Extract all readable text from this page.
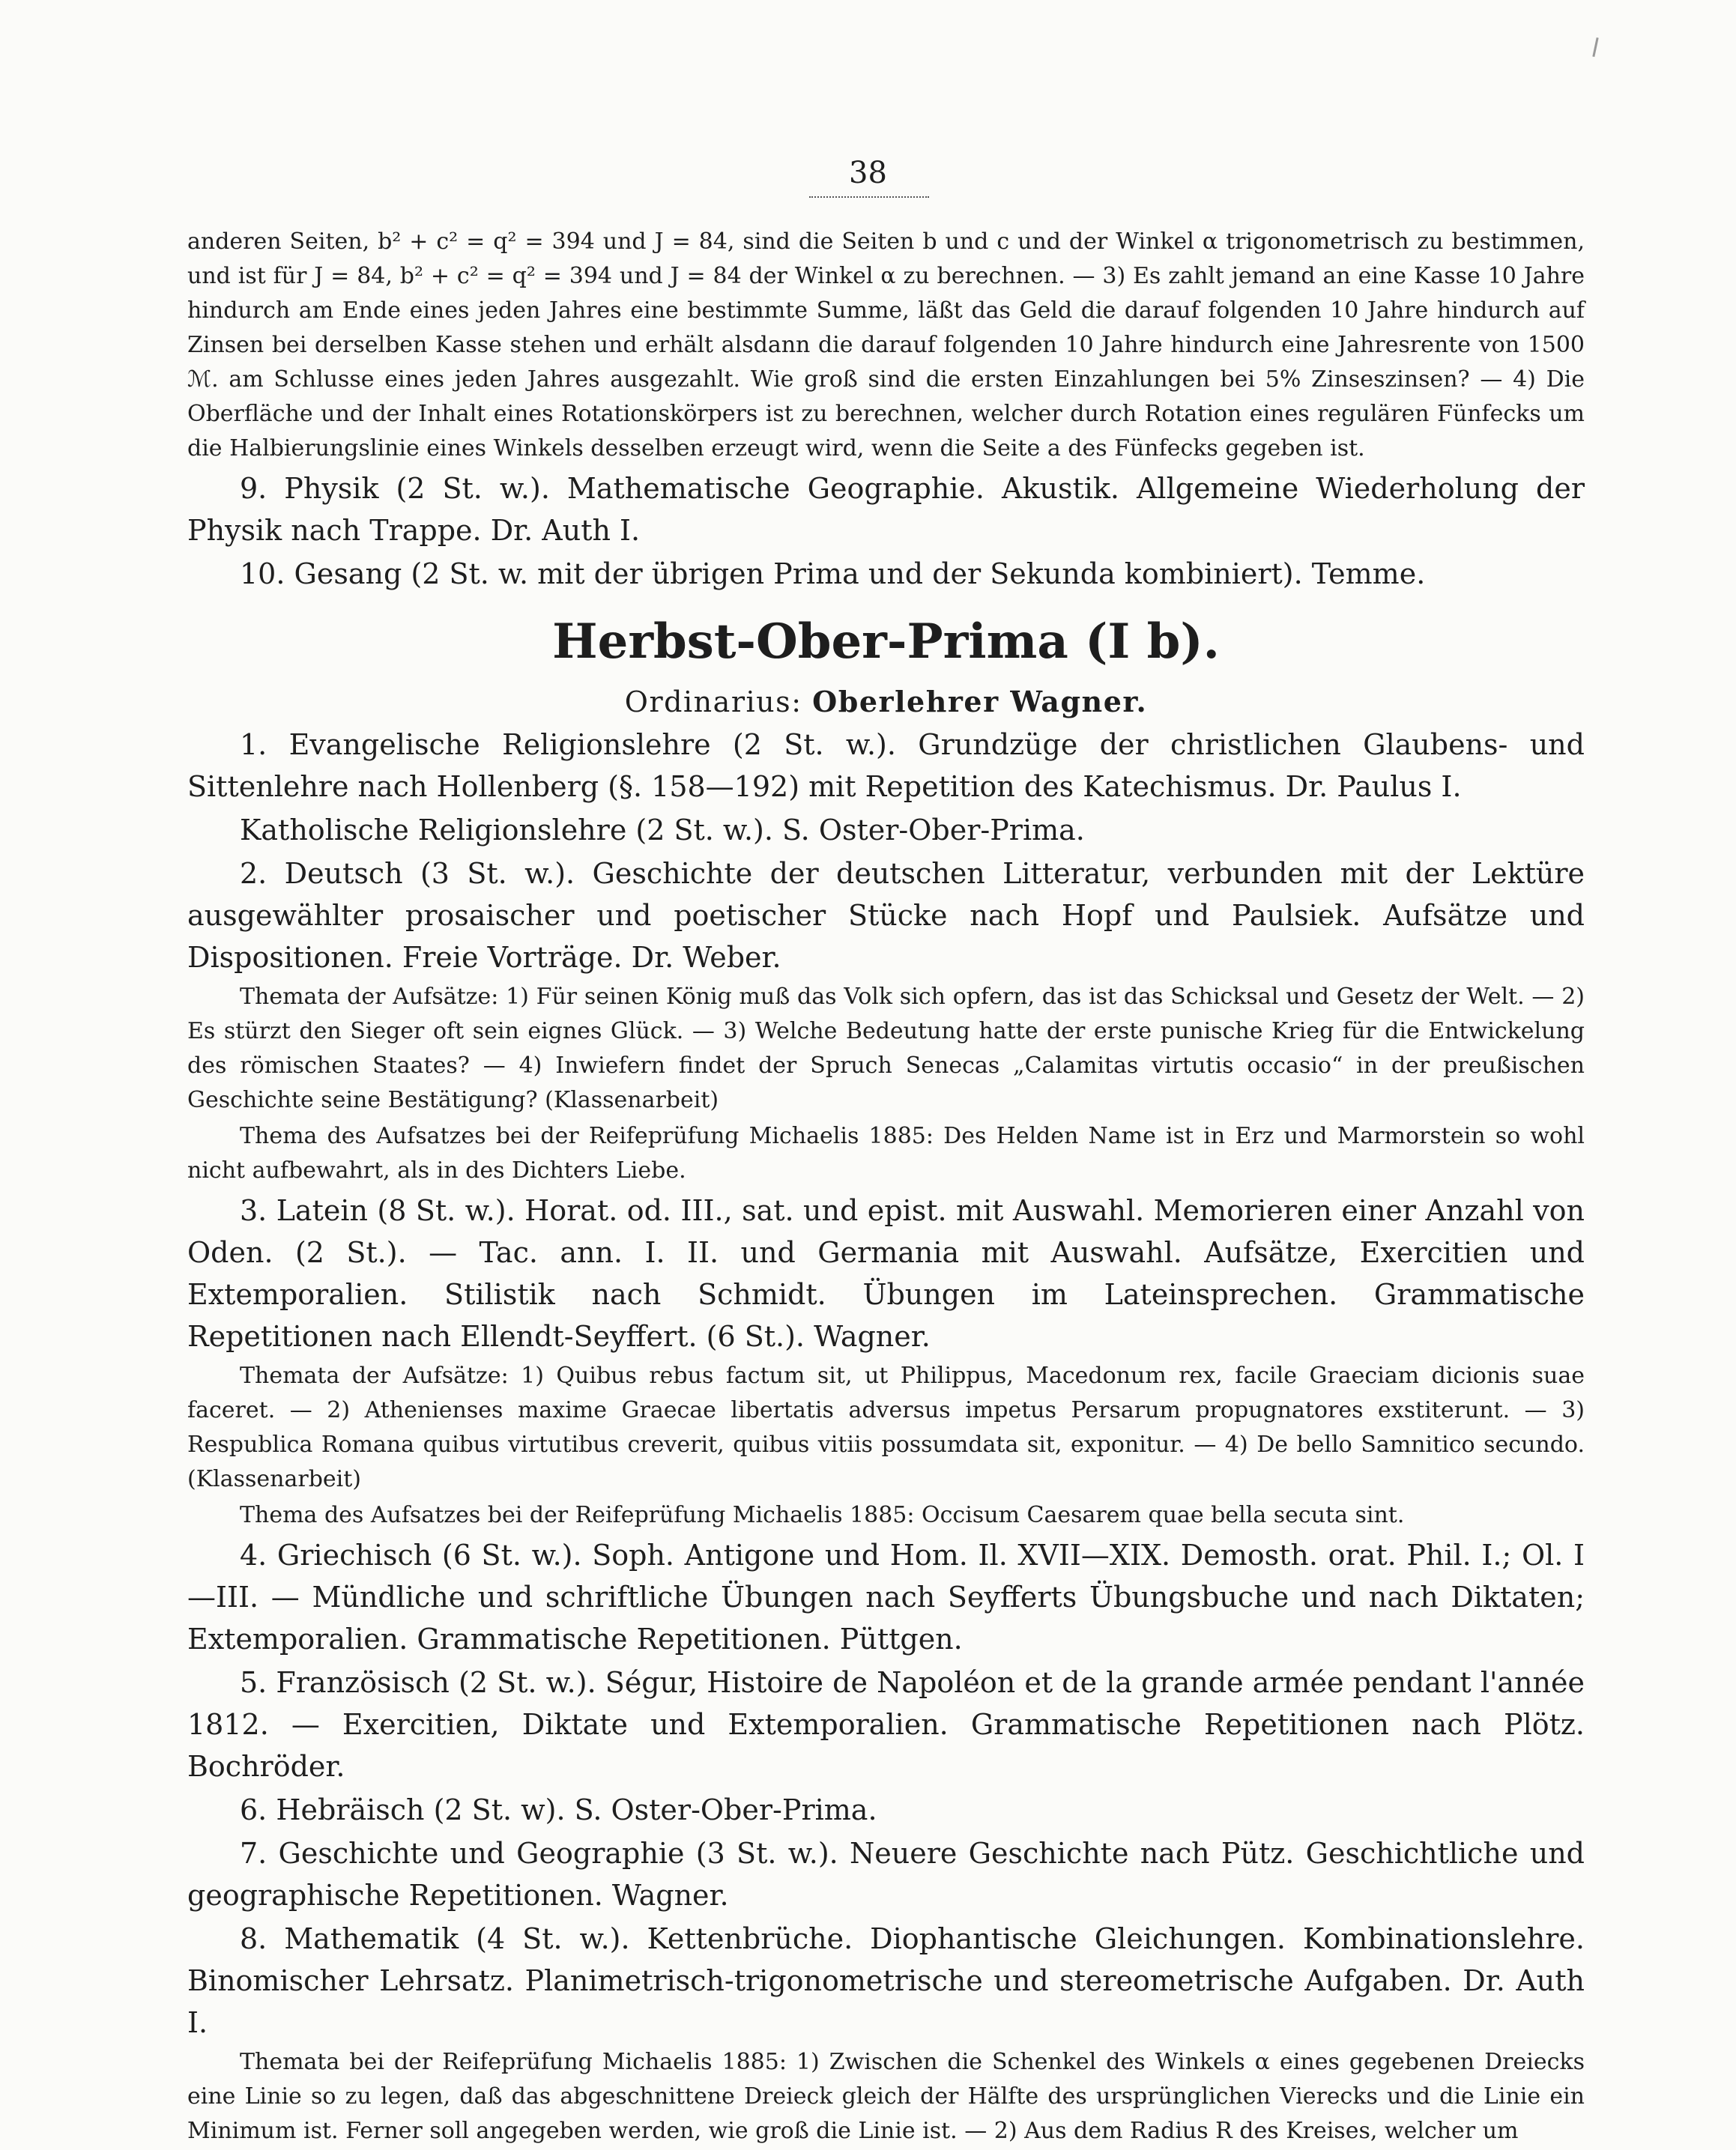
38

anderen Seiten, b² + c² = q² = 394 und J = 84, sind die Seiten b und c und der Winkel α trigonometrisch zu bestimmen, und ist für J = 84, b² + c² = q² = 394 und J = 84 der Winkel α zu berechnen. — 3) Es zahlt jemand an eine Kasse 10 Jahre hindurch am Ende eines jeden Jahres eine bestimmte Summe, läßt das Geld die darauf folgenden 10 Jahre hindurch auf Zinsen bei derselben Kasse stehen und erhält alsdann die darauf folgenden 10 Jahre hindurch eine Jahresrente von 1500 ℳ. am Schlusse eines jeden Jahres ausgezahlt. Wie groß sind die ersten Einzahlungen bei 5% Zinseszinsen? — 4) Die Oberfläche und der Inhalt eines Rotationskörpers ist zu berechnen, welcher durch Rotation eines regulären Fünfecks um die Halbierungslinie eines Winkels desselben erzeugt wird, wenn die Seite a des Fünfecks gegeben ist.

9. Physik (2 St. w.). Mathematische Geographie. Akustik. Allgemeine Wiederholung der Physik nach Trappe. Dr. Auth I.

10. Gesang (2 St. w. mit der übrigen Prima und der Sekunda kombiniert). Temme.

Herbst-Ober-Prima (I b).
Ordinarius: Oberlehrer Wagner.

1. Evangelische Religionslehre (2 St. w.). Grundzüge der christlichen Glaubens- und Sittenlehre nach Hollenberg (§. 158—192) mit Repetition des Katechismus. Dr. Paulus I.

Katholische Religionslehre (2 St. w.). S. Oster-Ober-Prima.

2. Deutsch (3 St. w.). Geschichte der deutschen Litteratur, verbunden mit der Lektüre ausgewählter prosaischer und poetischer Stücke nach Hopf und Paulsiek. Aufsätze und Dispositionen. Freie Vorträge. Dr. Weber.

Themata der Aufsätze: 1) Für seinen König muß das Volk sich opfern, das ist das Schicksal und Gesetz der Welt. — 2) Es stürzt den Sieger oft sein eignes Glück. — 3) Welche Bedeutung hatte der erste punische Krieg für die Entwickelung des römischen Staates? — 4) Inwiefern findet der Spruch Senecas „Calamitas virtutis occasio“ in der preußischen Geschichte seine Bestätigung? (Klassenarbeit)

Thema des Aufsatzes bei der Reifeprüfung Michaelis 1885: Des Helden Name ist in Erz und Marmorstein so wohl nicht aufbewahrt, als in des Dichters Liebe.

3. Latein (8 St. w.). Horat. od. III., sat. und epist. mit Auswahl. Memorieren einer Anzahl von Oden. (2 St.). — Tac. ann. I. II. und Germania mit Auswahl. Aufsätze, Exercitien und Extemporalien. Stilistik nach Schmidt. Übungen im Lateinsprechen. Grammatische Repetitionen nach Ellendt-Seyffert. (6 St.). Wagner.

Themata der Aufsätze: 1) Quibus rebus factum sit, ut Philippus, Macedonum rex, facile Graeciam dicionis suae faceret. — 2) Athenienses maxime Graecae libertatis adversus impetus Persarum propugnatores exstiterunt. — 3) Respublica Romana quibus virtutibus creverit, quibus vitiis possumdata sit, exponitur. — 4) De bello Samnitico secundo. (Klassenarbeit)

Thema des Aufsatzes bei der Reifeprüfung Michaelis 1885: Occisum Caesarem quae bella secuta sint.

4. Griechisch (6 St. w.). Soph. Antigone und Hom. Il. XVII—XIX. Demosth. orat. Phil. I.; Ol. I—III. — Mündliche und schriftliche Übungen nach Seyfferts Übungsbuche und nach Diktaten; Extemporalien. Grammatische Repetitionen. Püttgen.

5. Französisch (2 St. w.). Ségur, Histoire de Napoléon et de la grande armée pendant l'année 1812. — Exercitien, Diktate und Extemporalien. Grammatische Repetitionen nach Plötz. Bochröder.

6. Hebräisch (2 St. w). S. Oster-Ober-Prima.

7. Geschichte und Geographie (3 St. w.). Neuere Geschichte nach Pütz. Geschichtliche und geographische Repetitionen. Wagner.

8. Mathematik (4 St. w.). Kettenbrüche. Diophantische Gleichungen. Kombinationslehre. Binomischer Lehrsatz. Planimetrisch-trigonometrische und stereometrische Aufgaben. Dr. Auth I.

Themata bei der Reifeprüfung Michaelis 1885: 1) Zwischen die Schenkel des Winkels α eines gegebenen Dreiecks eine Linie so zu legen, daß das abgeschnittene Dreieck gleich der Hälfte des ursprünglichen Vierecks und die Linie ein Minimum ist. Ferner soll angegeben werden, wie groß die Linie ist. — 2) Aus dem Radius R des Kreises, welcher um
